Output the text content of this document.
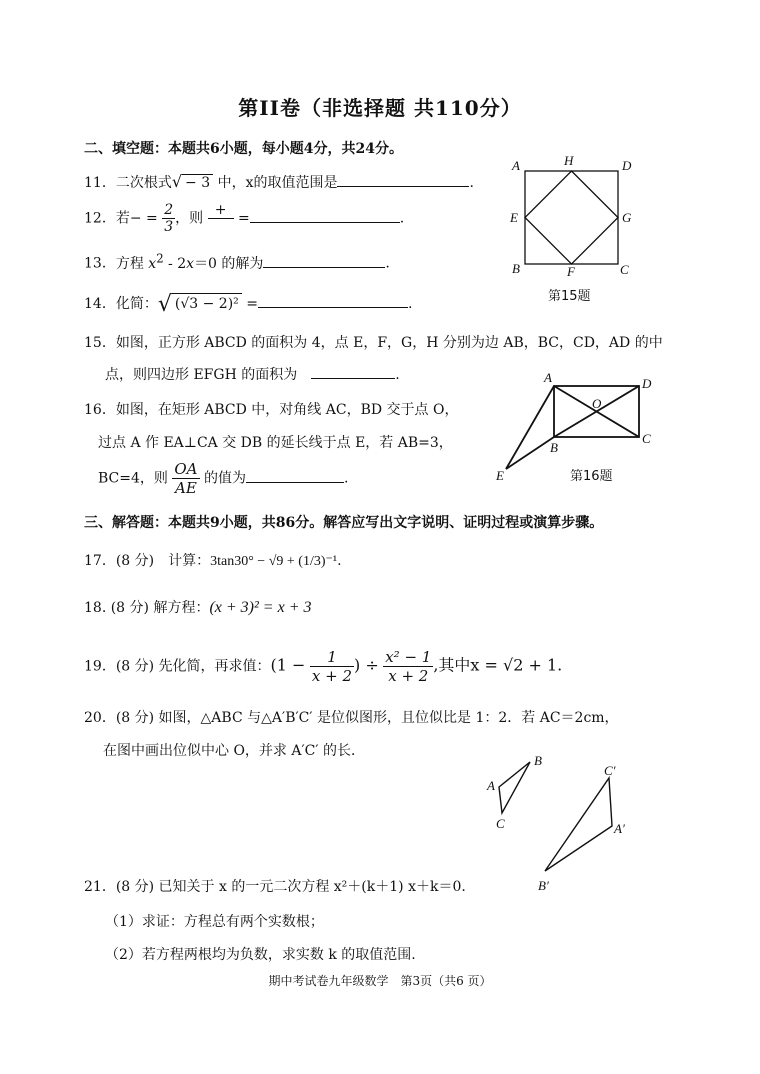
第II卷（非选择题 共110分）
二、填空题：本题共6小题，每小题4分，共24分。
11．二次根式√ − 3 中，x的取值范围是	.
12．若− = $\frac{2}{3}$ ，则
+

=	.
13．方程 $x^2 - 2x=0$ 的解为	.
14．化简：√ (√3 − 2)² =	.
A	H	D
E	G
B	F	C
第15题
15．如图，正方形 ABCD 的面积为 4，点 E，F，G，H 分别为边 AB，BC，CD，AD 的中
点，则四边形 EFGH 的面积为　	.	A	D
O
B
C
E	第16题
16．如图，在矩形 ABCD 中，对角线 AC，BD 交于点 O，
过点 A 作 EA⊥CA 交 DB 的延长线于点 E，若 AB=3，
BC=4，则 $\frac{OA}{AE}$ 的值为	.
三、解答题：本题共9小题，共86分。解答应写出文字说明、证明过程或演算步骤。
17．(8 分)　 计算：3tan30° − √9 + (1/3)⁻¹.
18. (8 分) 解方程：(x + 3)² = x + 3
19．(8 分) 先化简，再求值：($1 - \frac{1}{x + 2}$ ) ÷ $\frac{\text{x² − 1}}{x + 2}$ ,其中x = √2 + 1.
20．(8 分) 如图，△ABC 与△A′B′C′ 是位似图形，且位似比是 1：2．若 AC＝2cm，
在图中画出位似中心 O，并求 A′C′ 的长．
A
B
C
C′
A′
B′
21．(8 分) 已知关于 x 的一元二次方程 x²＋(k＋1) x＋k＝0.
（1）求证：方程总有两个实数根；
（2）若方程两根均为负数，求实数 k 的取值范围.
期中考试卷九年级数学　第3页（共6 页）
